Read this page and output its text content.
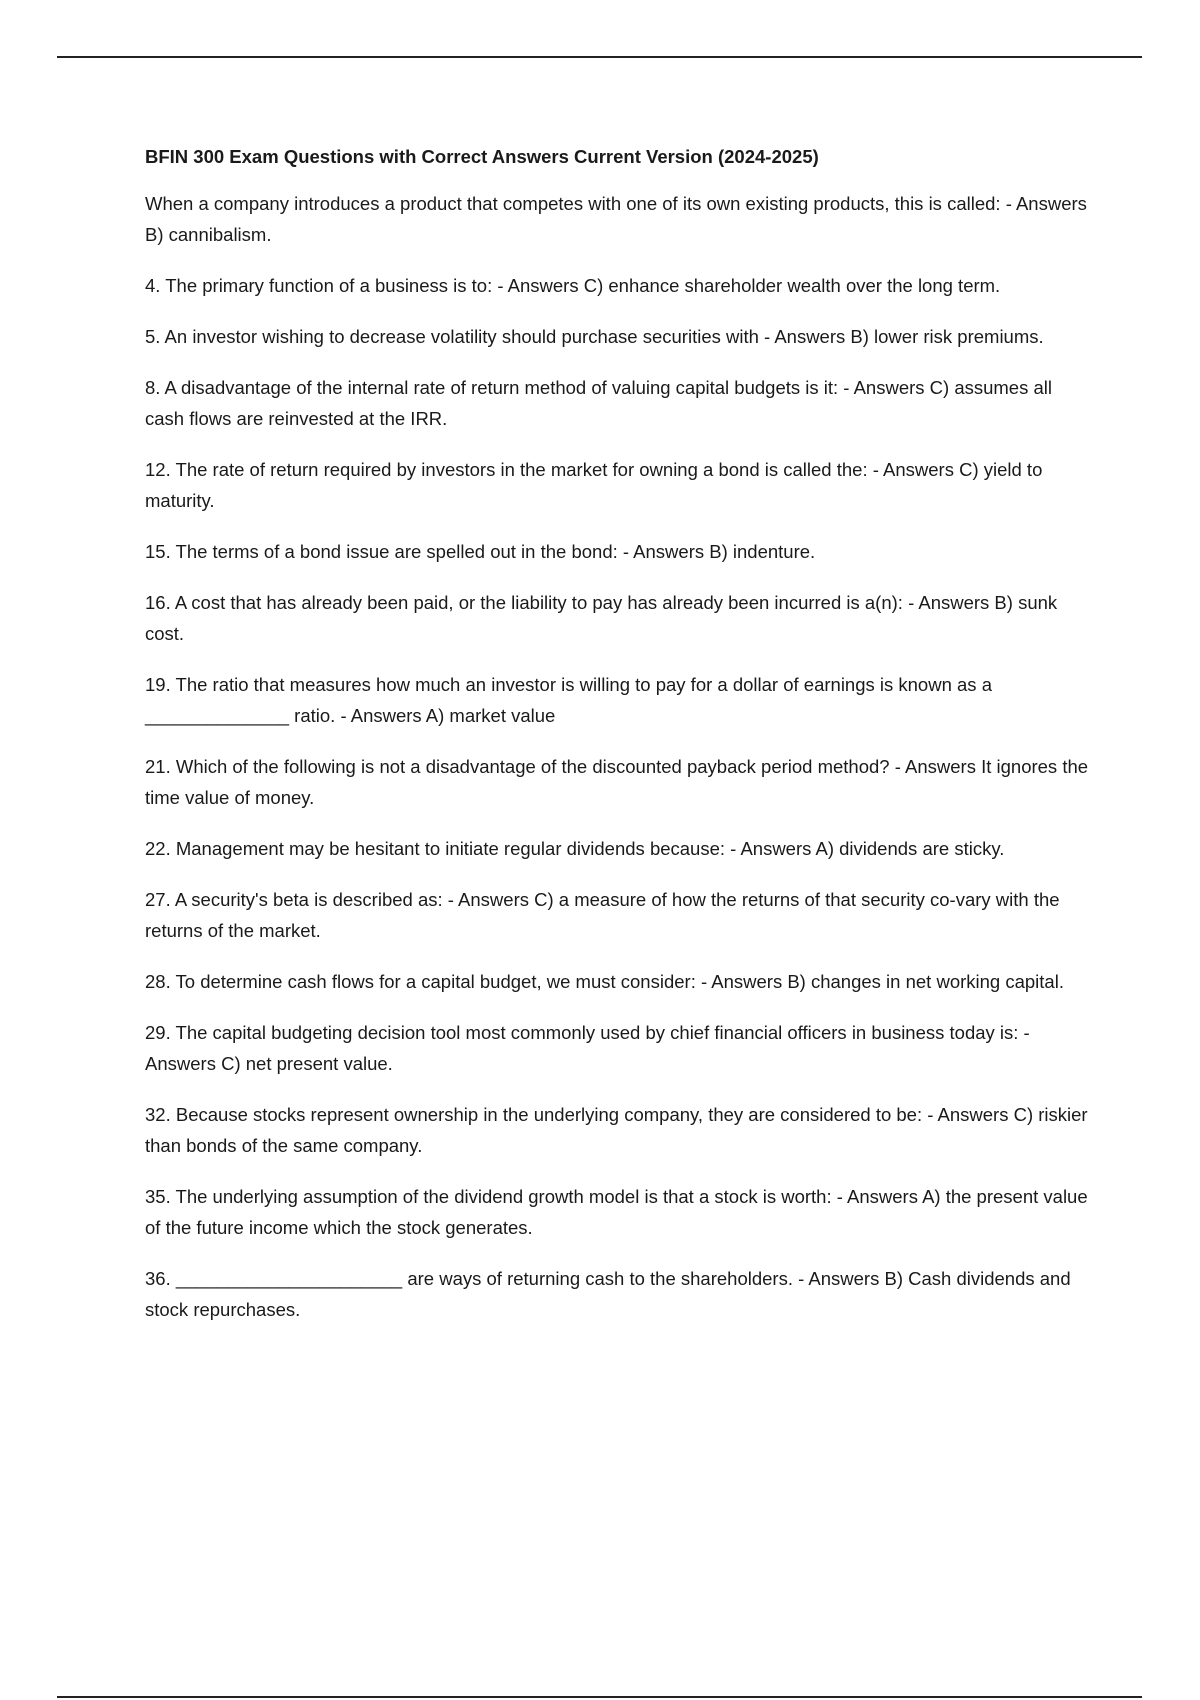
BFIN 300 Exam Questions with Correct Answers Current Version (2024-2025)

When a company introduces a product that competes with one of its own existing products, this is called: - Answers B) cannibalism.

4. The primary function of a business is to: - Answers C) enhance shareholder wealth over the long term.

5. An investor wishing to decrease volatility should purchase securities with - Answers B) lower risk premiums.

8. A disadvantage of the internal rate of return method of valuing capital budgets is it: - Answers C) assumes all cash flows are reinvested at the IRR.

12. The rate of return required by investors in the market for owning a bond is called the: - Answers C) yield to maturity.

15. The terms of a bond issue are spelled out in the bond: - Answers B) indenture.

16. A cost that has already been paid, or the liability to pay has already been incurred is a(n): - Answers B) sunk cost.

19. The ratio that measures how much an investor is willing to pay for a dollar of earnings is known as a ______________ ratio. - Answers A) market value

21. Which of the following is not a disadvantage of the discounted payback period method? - Answers It ignores the time value of money.

22. Management may be hesitant to initiate regular dividends because: - Answers A) dividends are sticky.

27. A security's beta is described as: - Answers C) a measure of how the returns of that security co-vary with the returns of the market.

28. To determine cash flows for a capital budget, we must consider: - Answers B) changes in net working capital.

29. The capital budgeting decision tool most commonly used by chief financial officers in business today is: - Answers C) net present value.

32. Because stocks represent ownership in the underlying company, they are considered to be: - Answers C) riskier than bonds of the same company.

35. The underlying assumption of the dividend growth model is that a stock is worth: - Answers A) the present value of the future income which the stock generates.

36. ______________________ are ways of returning cash to the shareholders. - Answers B) Cash dividends and stock repurchases.
